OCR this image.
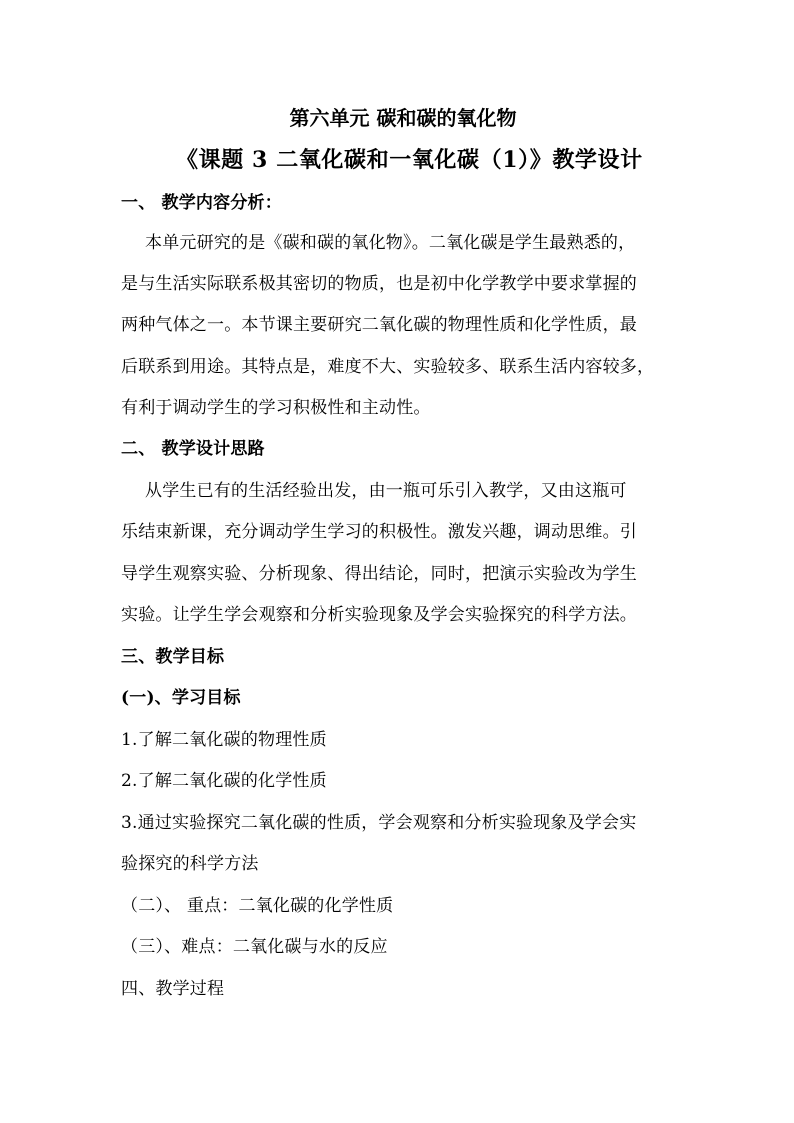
第六单元 碳和碳的氧化物
《课题 3 二氧化碳和一氧化碳（1）》教学设计
一、 教学内容分析：
本单元研究的是《碳和碳的氧化物》。二氧化碳是学生最熟悉的，
是与生活实际联系极其密切的物质，也是初中化学教学中要求掌握的
两种气体之一。本节课主要研究二氧化碳的物理性质和化学性质，最
后联系到用途。其特点是，难度不大、实验较多、联系生活内容较多，
有利于调动学生的学习积极性和主动性。
二、 教学设计思路
从学生已有的生活经验出发，由一瓶可乐引入教学，又由这瓶可
乐结束新课，充分调动学生学习的积极性。激发兴趣，调动思维。引
导学生观察实验、分析现象、得出结论，同时，把演示实验改为学生
实验。让学生学会观察和分析实验现象及学会实验探究的科学方法。
三、教学目标
(一)、学习目标
1.了解二氧化碳的物理性质
2.了解二氧化碳的化学性质
3.通过实验探究二氧化碳的性质，学会观察和分析实验现象及学会实
验探究的科学方法
（二）、 重点：二氧化碳的化学性质
（三）、难点：二氧化碳与水的反应
四、教学过程
